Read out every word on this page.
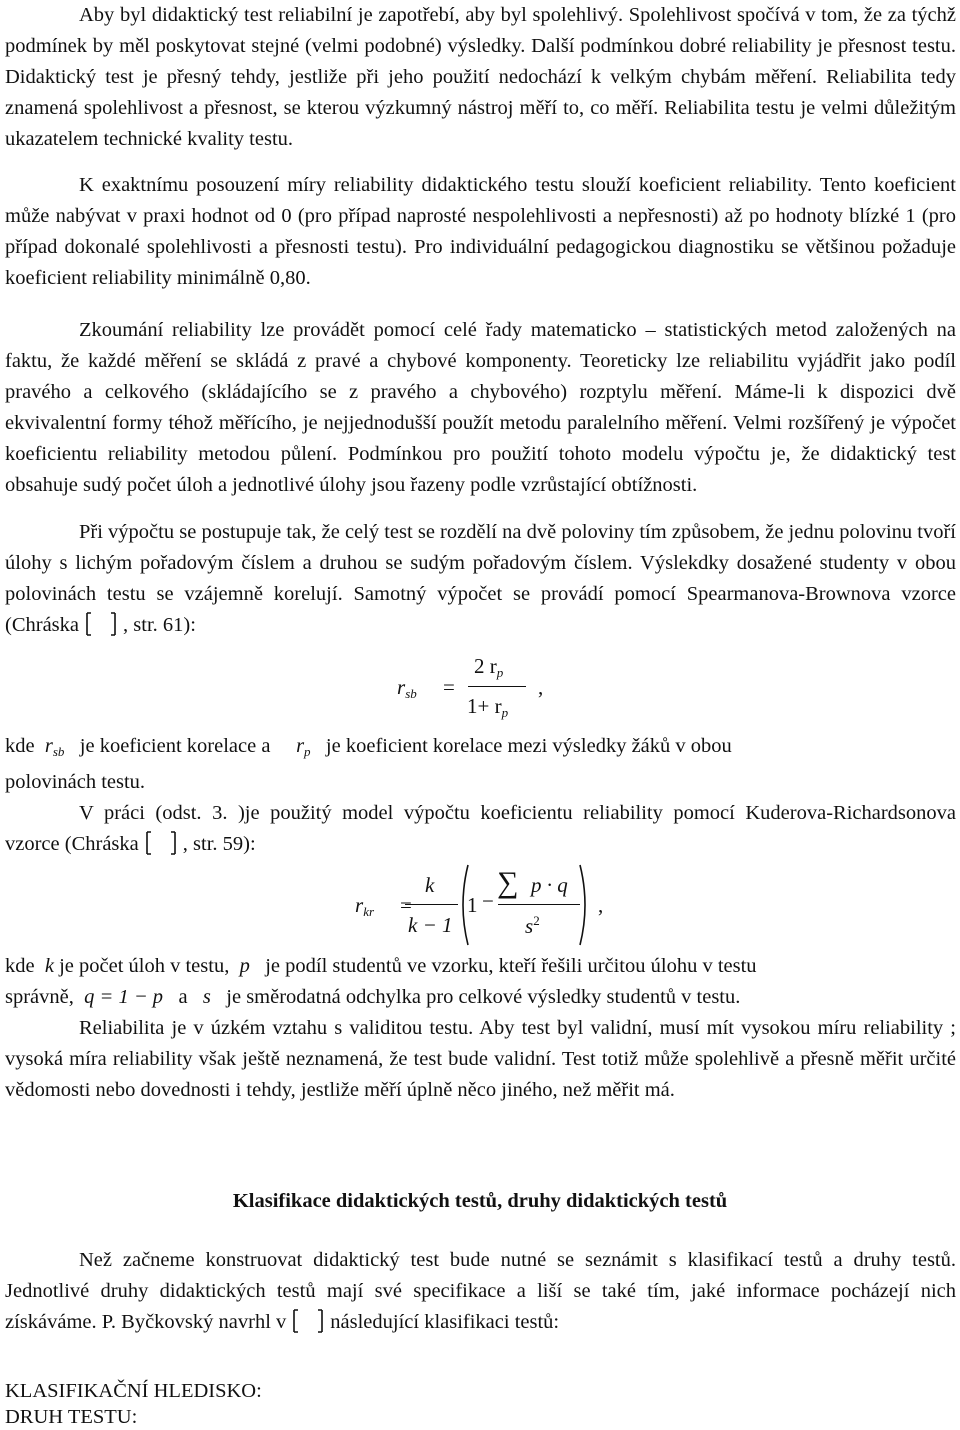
Aby byl didaktický test reliabilní je zapotřebí, aby byl spolehlivý. Spolehlivost spočívá v tom, že za týchž podmínek by měl poskytovat stejné (velmi podobné) výsledky. Další podmínkou dobré reliability je přesnost testu. Didaktický test je přesný tehdy, jestliže při jeho použití nedochází k velkým chybám měření. Reliabilita tedy znamená spolehlivost a přesnost, se kterou výzkumný nástroj měří to, co měří. Reliabilita testu je velmi důležitým ukazatelem technické kvality testu.

K exaktnímu posouzení míry reliability didaktického testu slouží koeficient reliability. Tento koeficient může nabývat v praxi hodnot od 0 (pro případ naprosté nespolehlivosti a nepřesnosti) až po hodnoty blízké 1 (pro případ dokonalé spolehlivosti a přesnosti testu). Pro individuální pedagogickou diagnostiku se většinou požaduje koeficient reliability minimálně 0,80.

Zkoumání reliability lze provádět pomocí celé řady matematicko – statistických metod založených na faktu, že každé měření se skládá z pravé a chybové komponenty. Teoreticky lze reliabilitu vyjádřit jako podíl pravého a celkového (skládajícího se z pravého a chybového) rozptylu měření. Máme-li k dispozici dvě ekvivalentní formy téhož měřícího, je nejjednodušší použít metodu paralelního měření. Velmi rozšířený je výpočet koeficientu reliability metodou půlení. Podmínkou pro použití tohoto modelu výpočtu je, že didaktický test obsahuje sudý počet úloh a jednotlivé úlohy jsou řazeny podle vzrůstající obtížnosti.

Při výpočtu se postupuje tak, že celý test se rozdělí na dvě poloviny tím způsobem, že jednu polovinu tvoří úlohy s lichým pořadovým číslem a druhou se sudým pořadovým číslem. Výslekdky dosažené studenty v obou polovinách testu se vzájemně korelují. Samotný výpočet se provádí pomocí Spearmanova-Brownova vzorce (Chráska , str. 61):

$r_{sb}$ =
2 $r_p$
$1+ r_p$
,

kde $r_{sb}$ je koeficient korelace a $r_p$ je koeficient korelace mezi výsledky žáků v obou
polovinách testu.

V práci (odst. 3. )je použitý model výpočtu koeficientu reliability pomocí Kuderova-Richardsonova vzorce (Chráska , str. 59):

$r_{kr}$ =
k
k − 1
1 −
∑ p · q
$s^2$
,

kde k je počet úloh v testu, p je podíl studentů ve vzorku, kteří řešili určitou úlohu v testu
správně, q = 1 − p a s je směrodatná odchylka pro celkové výsledky studentů v testu.

Reliabilita je v úzkém vztahu s validitou testu. Aby test byl validní, musí mít vysokou míru reliability ; vysoká míra reliability však ještě neznamená, že test bude validní. Test totiž může spolehlivě a přesně měřit určité vědomosti nebo dovednosti i tehdy, jestliže měří úplně něco jiného, než měřit má.

Klasifikace didaktických testů, druhy didaktických testů

Než začneme konstruovat didaktický test bude nutné se seznámit s klasifikací testů a druhy testů. Jednotlivé druhy didaktických testů mají své specifikace a liší se také tím, jaké informace pocházejí nich získáváme. P. Byčkovský navrhl v následující klasifikaci testů:

KLASIFIKAČNÍ HLEDISKO:

DRUH TESTU:
